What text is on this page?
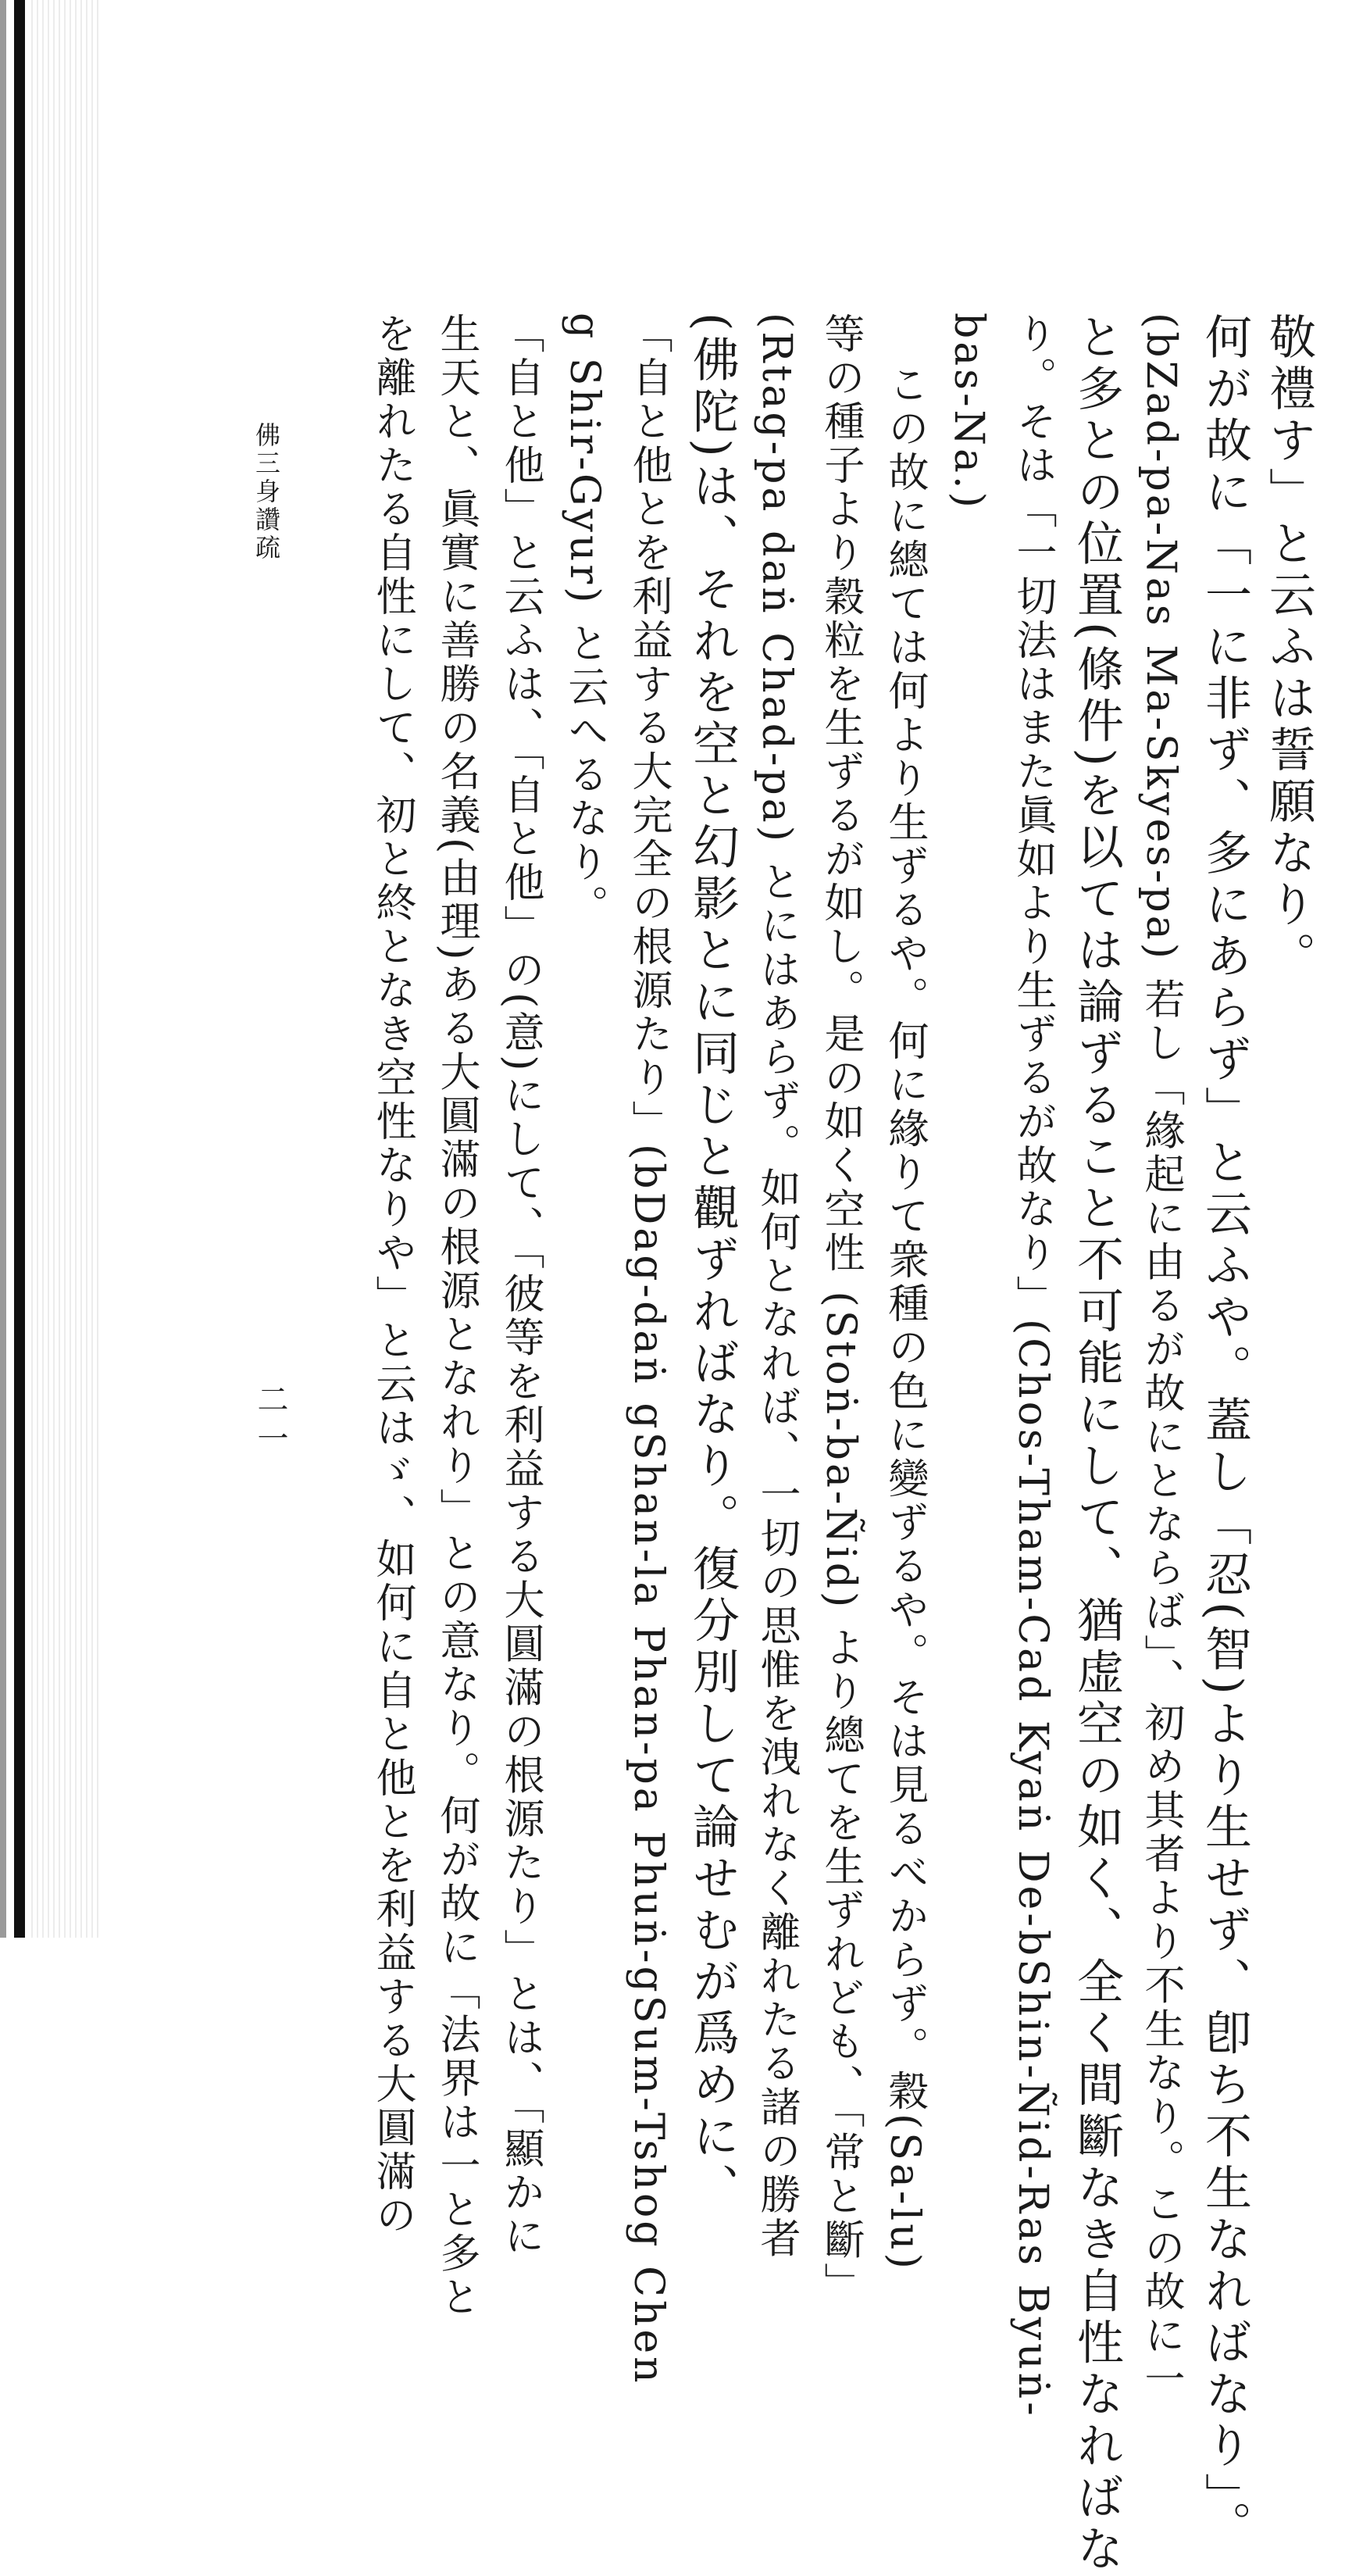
敬禮す」と云ふは誓願なり。
何が故に「一に非ず、多にあらず」と云ふや。蓋し「忍(智)より生せず、卽ち不生なればなり」。
(bZad-pa-Nas Ma-Skyes-pa) 若し「緣起に由るが故にとならば」、初め其者より不生なり。この故に一
と多との位置(條件)を以ては論ずること不可能にして、猶虚空の如く、全く間斷なき自性なればな
り。そは「一切法はまた眞如より生ずるが故なり」(Chos-Tham-Cad Kyaṅ De-bShin-Ñid-Ras Byuṅ-
bas-Na.)
この故に總ては何より生ずるや。何に緣りて衆種の色に變ずるや。そは見るべからず。穀(Sa-lu)
等の種子より穀粒を生ずるが如し。是の如く空性 (Stoṅ-ba-Ñid) より總てを生ずれども、「常と斷」
(Rtag-pa daṅ Chad-pa) とにはあらず。如何となれば、一切の思惟を洩れなく離れたる諸の勝者
(佛陀)は、それを空と幻影とに同じと觀ずればなり。復分別して論せむが爲めに、
「自と他とを利益する大完全の根源たり」(bDag-daṅ gShan-la Phan-pa Phuṅ-gSum-Tshog Chen
g Shir-Gyur) と云へるなり。
「自と他」と云ふは、「自と他」の(意)にして、「彼等を利益する大圓滿の根源たり」とは、「顯かに
生天と、眞實に善勝の名義(由理)ある大圓滿の根源となれり」との意なり。何が故に「法界は一と多と
を離れたる自性にして、初と終となき空性なりや」と云はゞ、如何に自と他とを利益する大圓滿の
佛三身讚疏
二一
